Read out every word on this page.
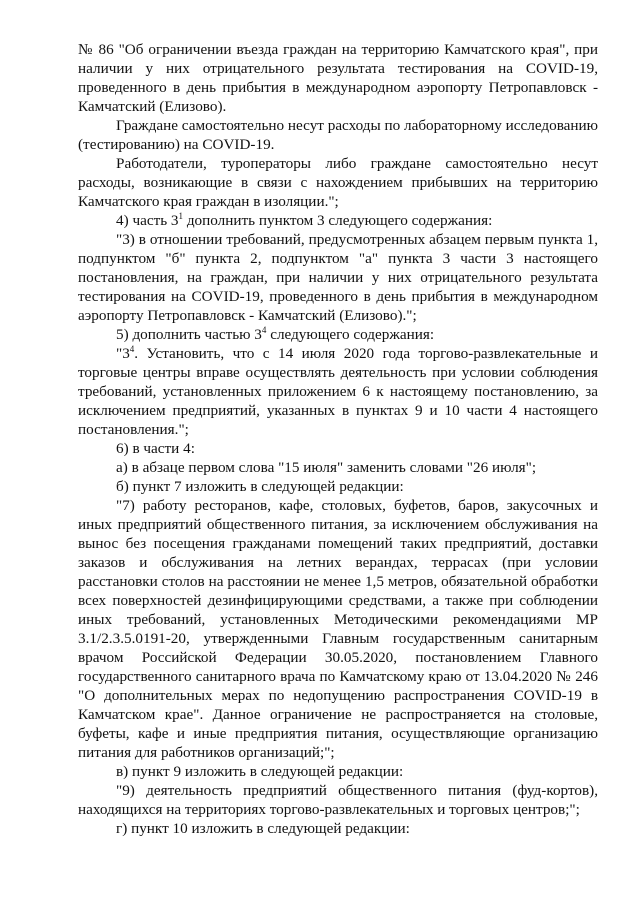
№ 86 "Об ограничении въезда граждан на территорию Камчатского края", при наличии у них отрицательного результата тестирования на COVID-19, проведенного в день прибытия в международном аэропорту Петропавловск - Камчатский (Елизово).

Граждане самостоятельно несут расходы по лабораторному исследованию (тестированию) на COVID-19.

Работодатели, туроператоры либо граждане самостоятельно несут расходы, возникающие в связи с нахождением прибывших на территорию Камчатского края граждан в изоляции.";

4) часть $3^1$ дополнить пунктом 3 следующего содержания:

"3) в отношении требований, предусмотренных абзацем первым пункта 1, подпунктом "б" пункта 2, подпунктом "а" пункта 3 части 3 настоящего постановления, на граждан, при наличии у них отрицательного результата тестирования на COVID-19, проведенного в день прибытия в международном аэропорту Петропавловск - Камчатский (Елизово).";

5) дополнить частью $3^4$ следующего содержания:

"$3^4$. Установить, что с 14 июля 2020 года торгово-развлекательные и торговые центры вправе осуществлять деятельность при условии соблюдения требований, установленных приложением 6 к настоящему постановлению, за исключением предприятий, указанных в пунктах 9 и 10 части 4 настоящего постановления.";

6) в части 4:

а) в абзаце первом слова "15 июля" заменить словами "26 июля";

б) пункт 7 изложить в следующей редакции:

"7) работу ресторанов, кафе, столовых, буфетов, баров, закусочных и иных предприятий общественного питания, за исключением обслуживания на вынос без посещения гражданами помещений таких предприятий, доставки заказов и обслуживания на летних верандах, террасах (при условии расстановки столов на расстоянии не менее 1,5 метров, обязательной обработки всех поверхностей дезинфицирующими средствами, а также при соблюдении иных требований, установленных Методическими рекомендациями МР 3.1/2.3.5.0191-20, утвержденными Главным государственным санитарным врачом Российской Федерации 30.05.2020, постановлением Главного государственного санитарного врача по Камчатскому краю от 13.04.2020 № 246 "О дополнительных мерах по недопущению распространения COVID-19 в Камчатском крае". Данное ограничение не распространяется на столовые, буфеты, кафе и иные предприятия питания, осуществляющие организацию питания для работников организаций;";

в) пункт 9 изложить в следующей редакции:

"9) деятельность предприятий общественного питания (фуд-кортов), находящихся на территориях торгово-развлекательных и торговых центров;";

г) пункт 10 изложить в следующей редакции:
